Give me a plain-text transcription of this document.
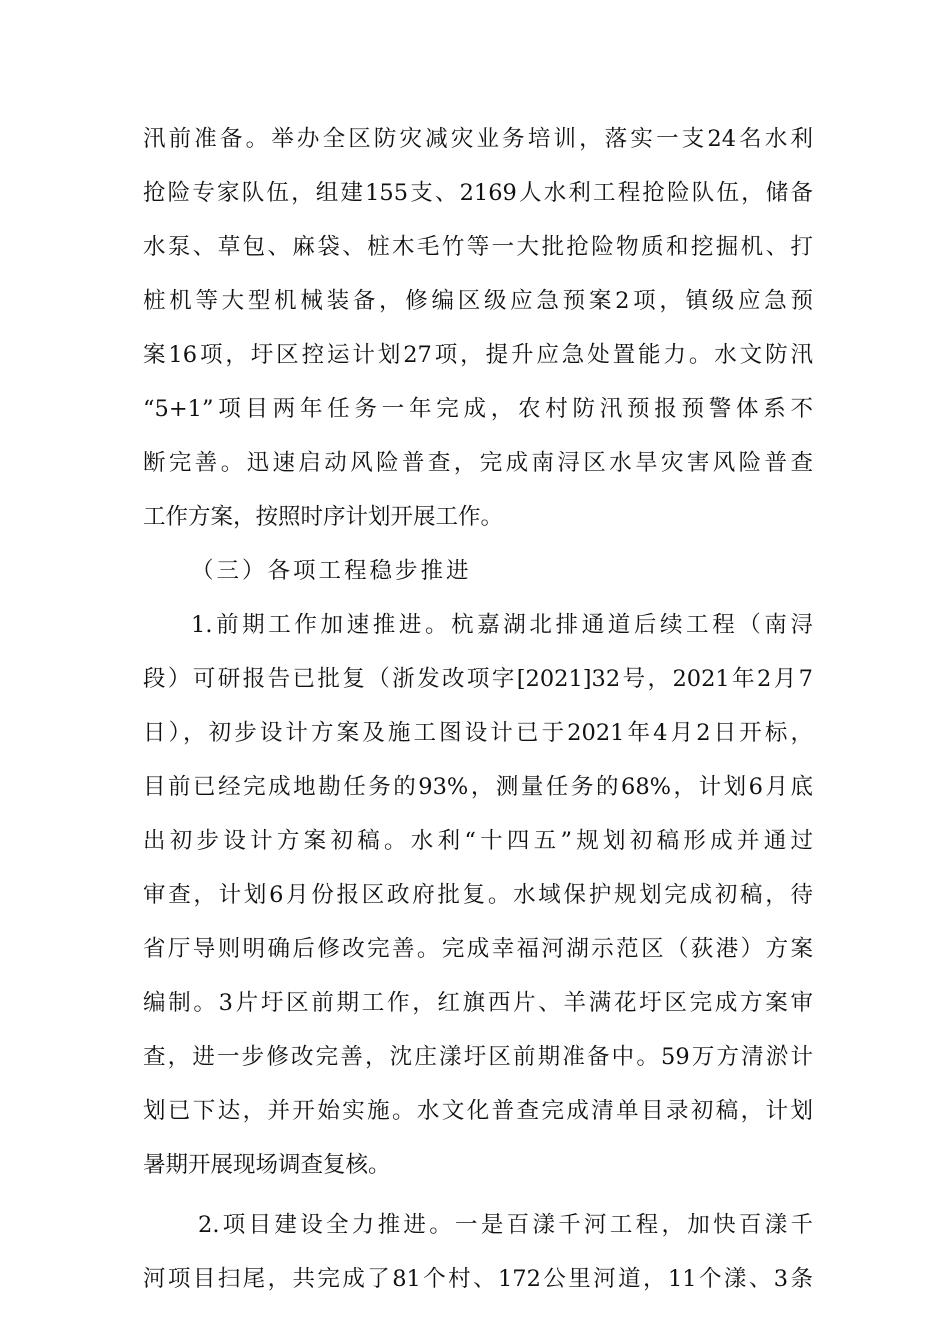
汛前准备。举办全区防灾减灾业务培训，落实一支24名水利
抢险专家队伍，组建155支、2169人水利工程抢险队伍，储备
水泵、草包、麻袋、桩木毛竹等一大批抢险物质和挖掘机、打
桩机等大型机械装备，修编区级应急预案2项，镇级应急预
案16项，圩区控运计划27项，提升应急处置能力。水文防汛
“5+1”项目两年任务一年完成，农村防汛预报预警体系不
断完善。迅速启动风险普查，完成南浔区水旱灾害风险普查
工作方案，按照时序计划开展工作。
（三）各项工程稳步推进
1.前期工作加速推进。杭嘉湖北排通道后续工程（南浔
段）可研报告已批复（浙发改项字[2021]32号，2021年2月7
日），初步设计方案及施工图设计已于2021年4月2日开标，
目前已经完成地勘任务的93%，测量任务的68%，计划6月底
出初步设计方案初稿。水利“十四五”规划初稿形成并通过
审查，计划6月份报区政府批复。水域保护规划完成初稿，待
省厅导则明确后修改完善。完成幸福河湖示范区（荻港）方案
编制。3片圩区前期工作，红旗西片、羊满花圩区完成方案审
查，进一步修改完善，沈庄漾圩区前期准备中。59万方清淤计
划已下达，并开始实施。水文化普查完成清单目录初稿，计划
暑期开展现场调查复核。
2.项目建设全力推进。一是百漾千河工程，加快百漾千
河项目扫尾，共完成了81个村、172公里河道，11个漾、3条
